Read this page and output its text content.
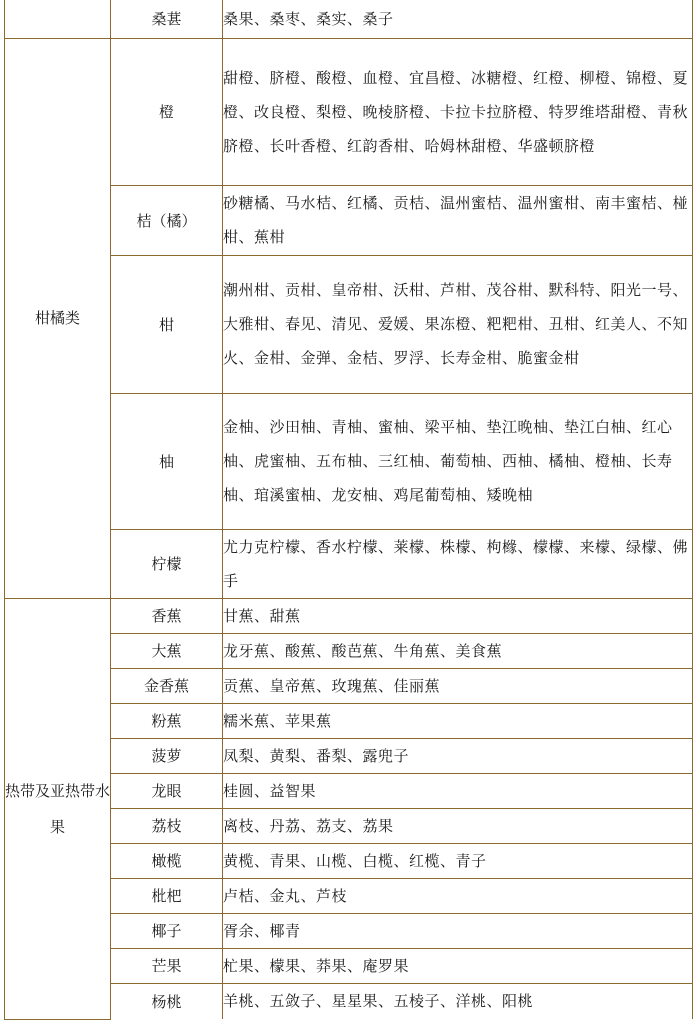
	桑葚	桑果、桑枣、桑实、桑子
柑橘类	橙	甜橙、脐橙、酸橙、血橙、宜昌橙、冰糖橙、红橙、柳橙、锦橙、夏橙、改良橙、梨橙、晚棱脐橙、卡拉卡拉脐橙、特罗维塔甜橙、青秋脐橙、长叶香橙、红韵香柑、哈姆林甜橙、华盛顿脐橙
	桔（橘）	砂糖橘、马水桔、红橘、贡桔、温州蜜桔、温州蜜柑、南丰蜜桔、椪柑、蕉柑
	柑	潮州柑、贡柑、皇帝柑、沃柑、芦柑、茂谷柑、默科特、阳光一号、大雅柑、春见、清见、爱媛、果冻橙、粑粑柑、丑柑、红美人、不知火、金柑、金弹、金桔、罗浮、长寿金柑、脆蜜金柑
	柚	金柚、沙田柚、青柚、蜜柚、梁平柚、垫江晚柚、垫江白柚、红心柚、虎蜜柚、五布柚、三红柚、葡萄柚、西柚、橘柚、橙柚、长寿柚、琯溪蜜柚、龙安柚、鸡尾葡萄柚、矮晚柚
	柠檬	尤力克柠檬、香水柠檬、莱檬、株檬、枸橼、檬檬、来檬、绿檬、佛手
热带及亚热带水果	香蕉	甘蕉、甜蕉
	大蕉	龙牙蕉、酸蕉、酸芭蕉、牛角蕉、美食蕉
	金香蕉	贡蕉、皇帝蕉、玫瑰蕉、佳丽蕉
	粉蕉	糯米蕉、苹果蕉
	菠萝	凤梨、黄梨、番梨、露兜子
	龙眼	桂圆、益智果
	荔枝	离枝、丹荔、荔支、荔果
	橄榄	黄榄、青果、山榄、白榄、红榄、青子
	枇杷	卢桔、金丸、芦枝
	椰子	胥余、椰青
	芒果	杧果、檬果、莽果、庵罗果
	杨桃	羊桃、五敛子、星星果、五棱子、洋桃、阳桃
